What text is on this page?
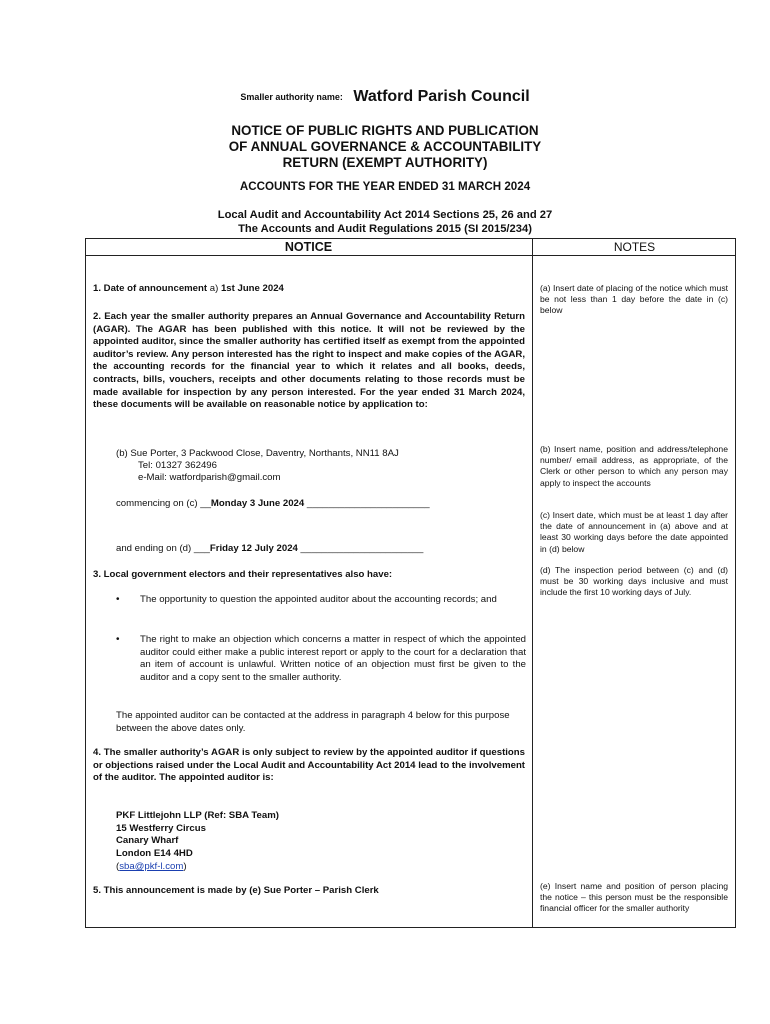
Smaller authority name: Watford Parish Council
NOTICE OF PUBLIC RIGHTS AND PUBLICATION
OF ANNUAL GOVERNANCE & ACCOUNTABILITY
RETURN (EXEMPT AUTHORITY)
ACCOUNTS FOR THE YEAR ENDED 31 MARCH 2024
Local Audit and Accountability Act 2014 Sections 25, 26 and 27
The Accounts and Audit Regulations 2015 (SI 2015/234)
NOTICE	NOTES
1. Date of announcement a) 1st June 2024
2. Each year the smaller authority prepares an Annual Governance and Accountability Return (AGAR). The AGAR has been published with this notice. It will not be reviewed by the appointed auditor, since the smaller authority has certified itself as exempt from the appointed auditor’s review. Any person interested has the right to inspect and make copies of the AGAR, the accounting records for the financial year to which it relates and all books, deeds, contracts, bills, vouchers, receipts and other documents relating to those records must be made available for inspection by any person interested. For the year ended 31 March 2024, these documents will be available on reasonable notice by application to:
(b) Sue Porter, 3 Packwood Close, Daventry, Northants, NN11 8AJ
Tel: 01327 362496
e-Mail: watfordparish@gmail.com
commencing on (c) __Monday 3 June 2024 _______________________
and ending on (d) ___Friday 12 July 2024 _______________________
3. Local government electors and their representatives also have:
• The opportunity to question the appointed auditor about the accounting records; and
• The right to make an objection which concerns a matter in respect of which the appointed auditor could either make a public interest report or apply to the court for a declaration that an item of account is unlawful. Written notice of an objection must first be given to the auditor and a copy sent to the smaller authority.
The appointed auditor can be contacted at the address in paragraph 4 below for this purpose between the above dates only.
4. The smaller authority’s AGAR is only subject to review by the appointed auditor if questions or objections raised under the Local Audit and Accountability Act 2014 lead to the involvement of the auditor. The appointed auditor is:
PKF Littlejohn LLP (Ref: SBA Team)
15 Westferry Circus
Canary Wharf
London E14 4HD
(sba@pkf-l.com)
5. This announcement is made by (e) Sue Porter – Parish Clerk
(a) Insert date of placing of the notice which must be not less than 1 day before the date in (c) below
(b) Insert name, position and address/telephone number/ email address, as appropriate, of the Clerk or other person to which any person may apply to inspect the accounts
(c) Insert date, which must be at least 1 day after the date of announcement in (a) above and at least 30 working days before the date appointed in (d) below
(d) The inspection period between (c) and (d) must be 30 working days inclusive and must include the first 10 working days of July.
(e) Insert name and position of person placing the notice – this person must be the responsible financial officer for the smaller authority
